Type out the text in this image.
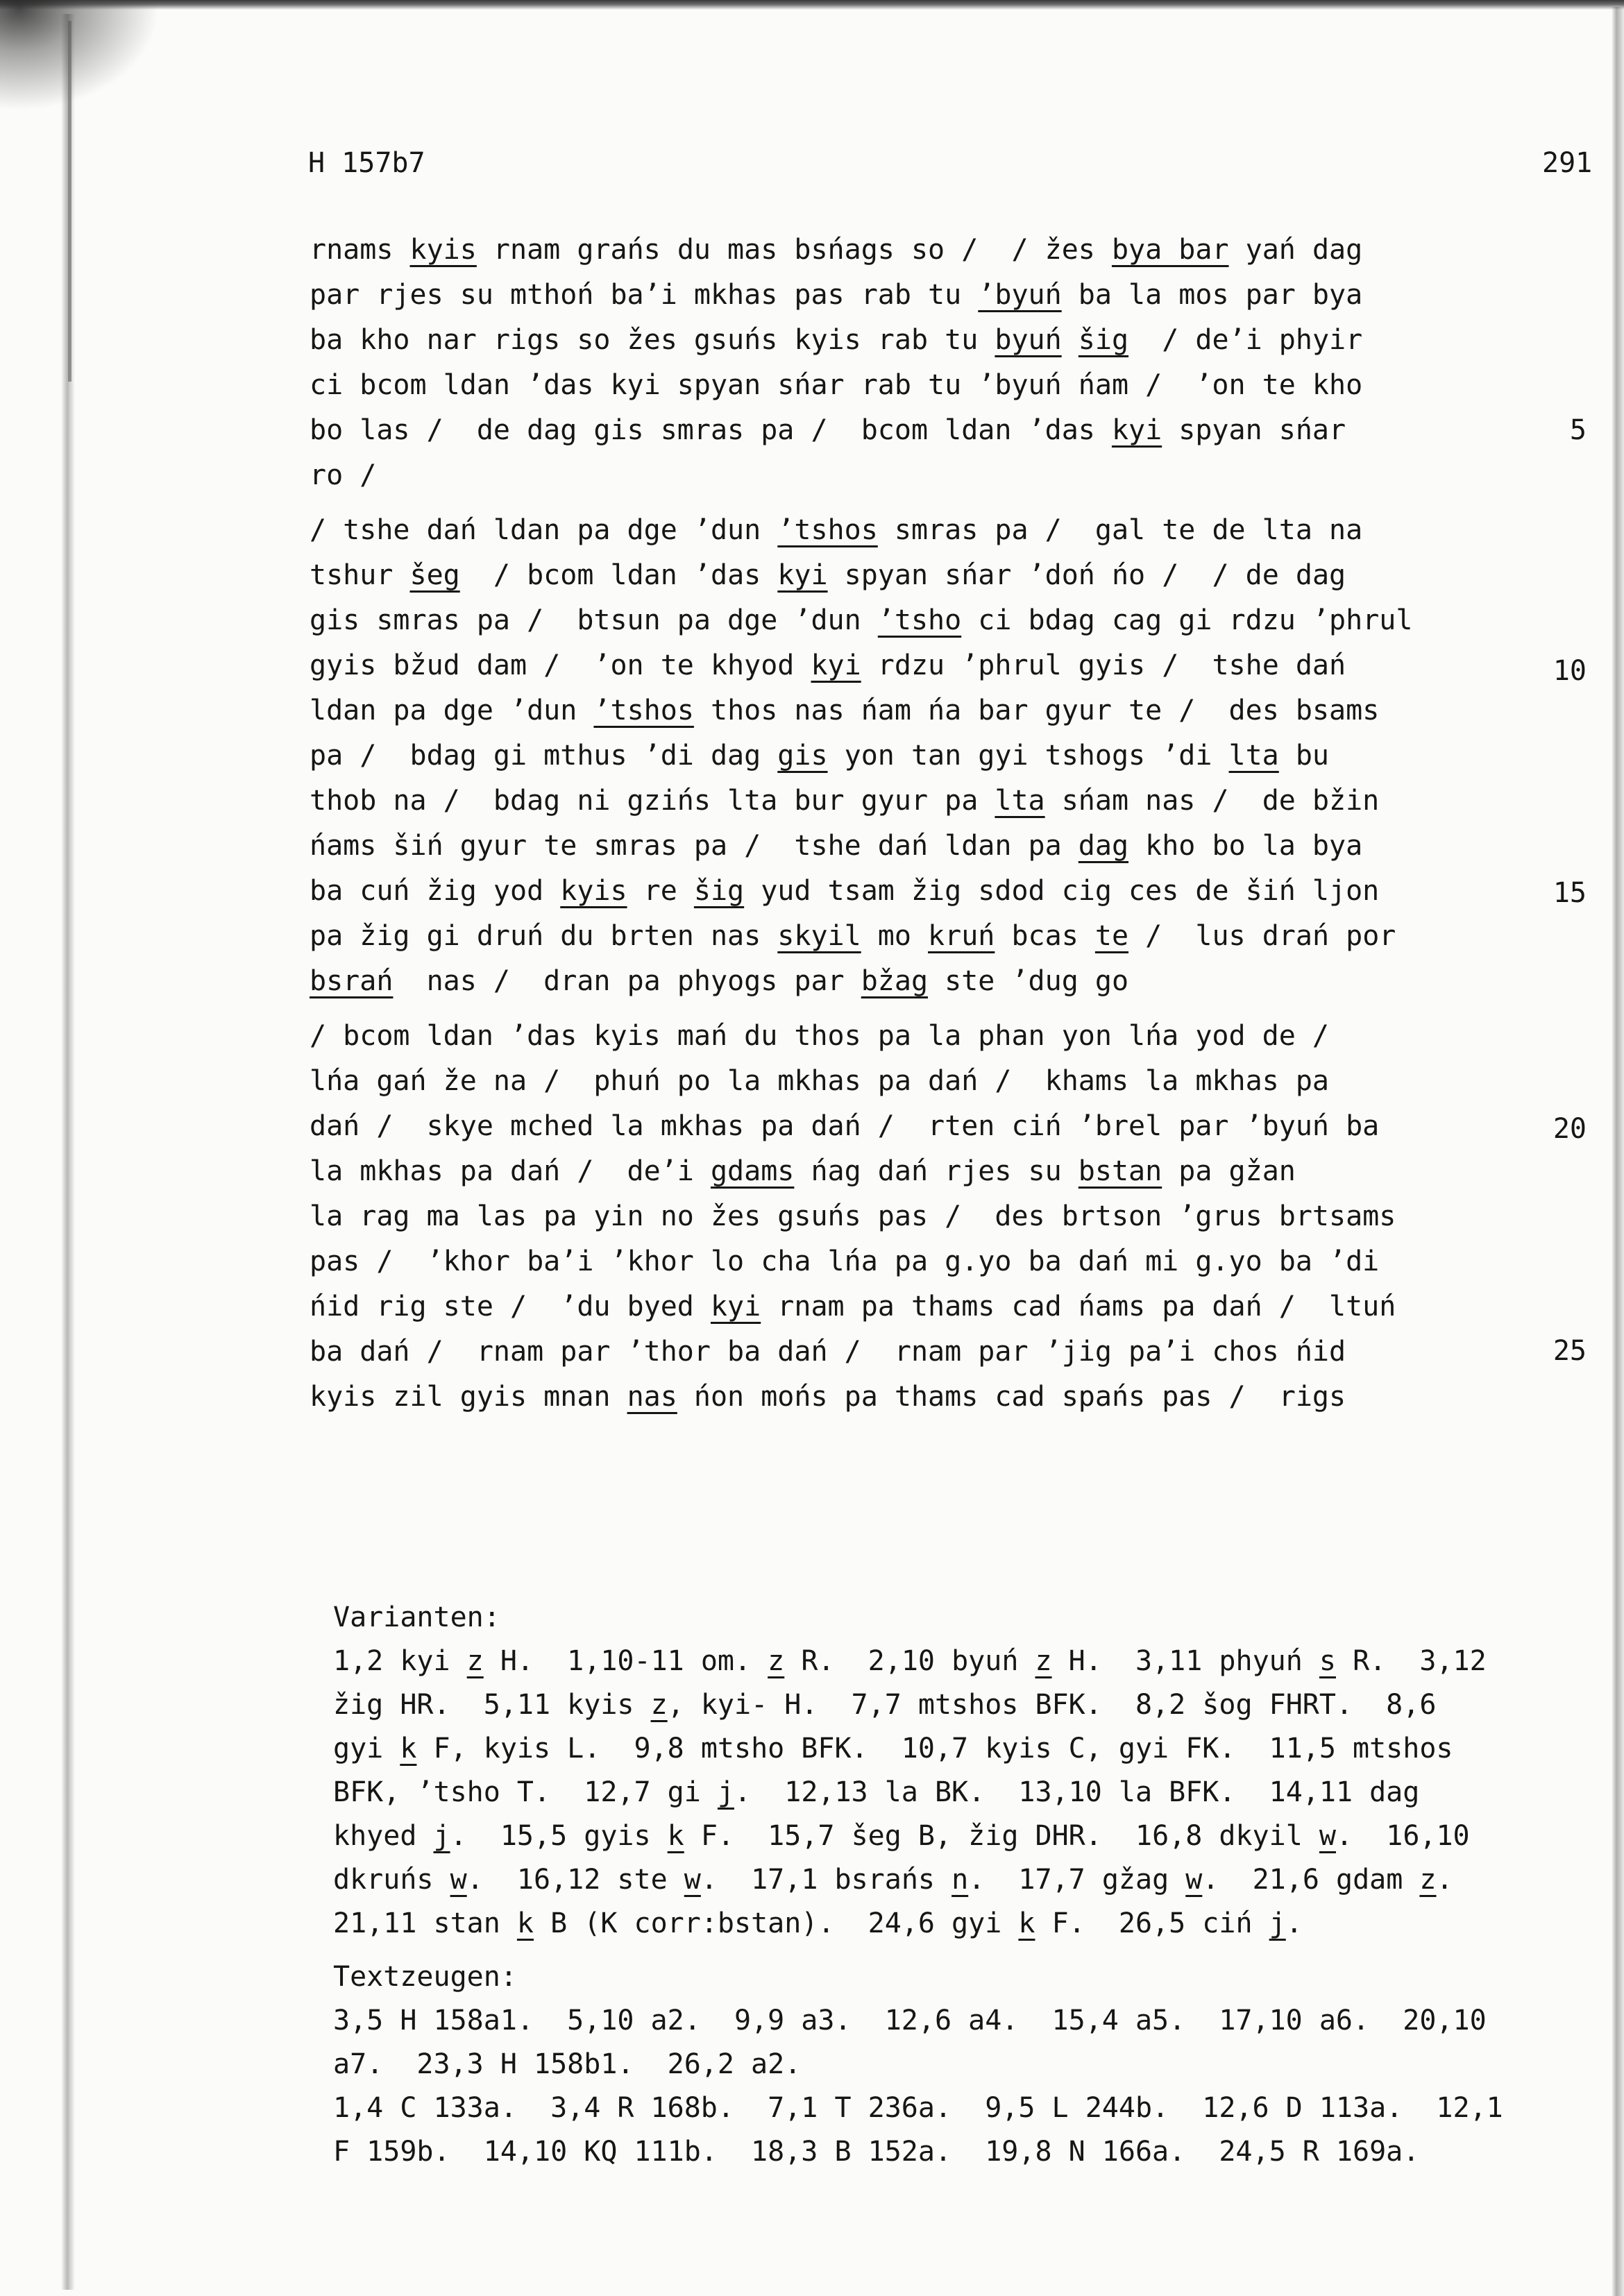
H 157b7	291
rnams kyis rnam grańs du mas bsńags so /  / žes bya bar yań dag
par rjes su mthoń ba’i mkhas pas rab tu ’byuń ba la mos par bya
ba kho nar rigs so žes gsuńs kyis rab tu byuń šig  / de’i phyir
ci bcom ldan ’das kyi spyan sńar rab tu ’byuń ńam /  ’on te kho
bo las /  de dag gis smras pa /  bcom ldan ’das kyi spyan sńar
ro /
/ tshe dań ldan pa dge ’dun ’tshos smras pa /  gal te de lta na
tshur šeg  / bcom ldan ’das kyi spyan sńar ’doń ńo /  / de dag
gis smras pa /  btsun pa dge ’dun ’tsho ci bdag cag gi rdzu ’phrul
gyis bžud dam /  ’on te khyod kyi rdzu ’phrul gyis /  tshe dań
ldan pa dge ’dun ’tshos thos nas ńam ńa bar gyur te /  des bsams
pa /  bdag gi mthus ’di dag gis yon tan gyi tshogs ’di lta bu
thob na /  bdag ni gzińs lta bur gyur pa lta sńam nas /  de bžin
ńams šiń gyur te smras pa /  tshe dań ldan pa dag kho bo la bya
ba cuń žig yod kyis re šig yud tsam žig sdod cig ces de šiń ljon
pa žig gi druń du brten nas skyil mo kruń bcas te /  lus drań por
bsrań  nas /  dran pa phyogs par bžag ste ’dug go
/ bcom ldan ’das kyis mań du thos pa la phan yon lńa yod de /
lńa gań že na /  phuń po la mkhas pa dań /  khams la mkhas pa
dań /  skye mched la mkhas pa dań /  rten ciń ’brel par ’byuń ba
la mkhas pa dań /  de’i gdams ńag dań rjes su bstan pa gžan
la rag ma las pa yin no žes gsuńs pas /  des brtson ’grus brtsams
pas /  ’khor ba’i ’khor lo cha lńa pa g.yo ba dań mi g.yo ba ’di
ńid rig ste /  ’du byed kyi rnam pa thams cad ńams pa dań /  ltuń
ba dań /  rnam par ’thor ba dań /  rnam par ’jig pa’i chos ńid
kyis zil gyis mnan nas ńon mońs pa thams cad spańs pas /  rigs
5
10
15
20
25
Varianten:
1,2 kyi z H.  1,10-11 om. z R.  2,10 byuń z H.  3,11 phyuń s R.  3,12
žig HR.  5,11 kyis z, kyi- H.  7,7 mtshos BFK.  8,2 šog FHRT.  8,6
gyi k F, kyis L.  9,8 mtsho BFK.  10,7 kyis C, gyi FK.  11,5 mtshos
BFK, ’tsho T.  12,7 gi j.  12,13 la BK.  13,10 la BFK.  14,11 dag
khyed j.  15,5 gyis k F.  15,7 šeg B, žig DHR.  16,8 dkyil w.  16,10
dkruńs w.  16,12 ste w.  17,1 bsrańs n.  17,7 gžag w.  21,6 gdam z.
21,11 stan k B (K corr:bstan).  24,6 gyi k F.  26,5 ciń j.
Textzeugen:
3,5 H 158a1.  5,10 a2.  9,9 a3.  12,6 a4.  15,4 a5.  17,10 a6.  20,10
a7.  23,3 H 158b1.  26,2 a2.
1,4 C 133a.  3,4 R 168b.  7,1 T 236a.  9,5 L 244b.  12,6 D 113a.  12,1
F 159b.  14,10 KQ 111b.  18,3 B 152a.  19,8 N 166a.  24,5 R 169a.
